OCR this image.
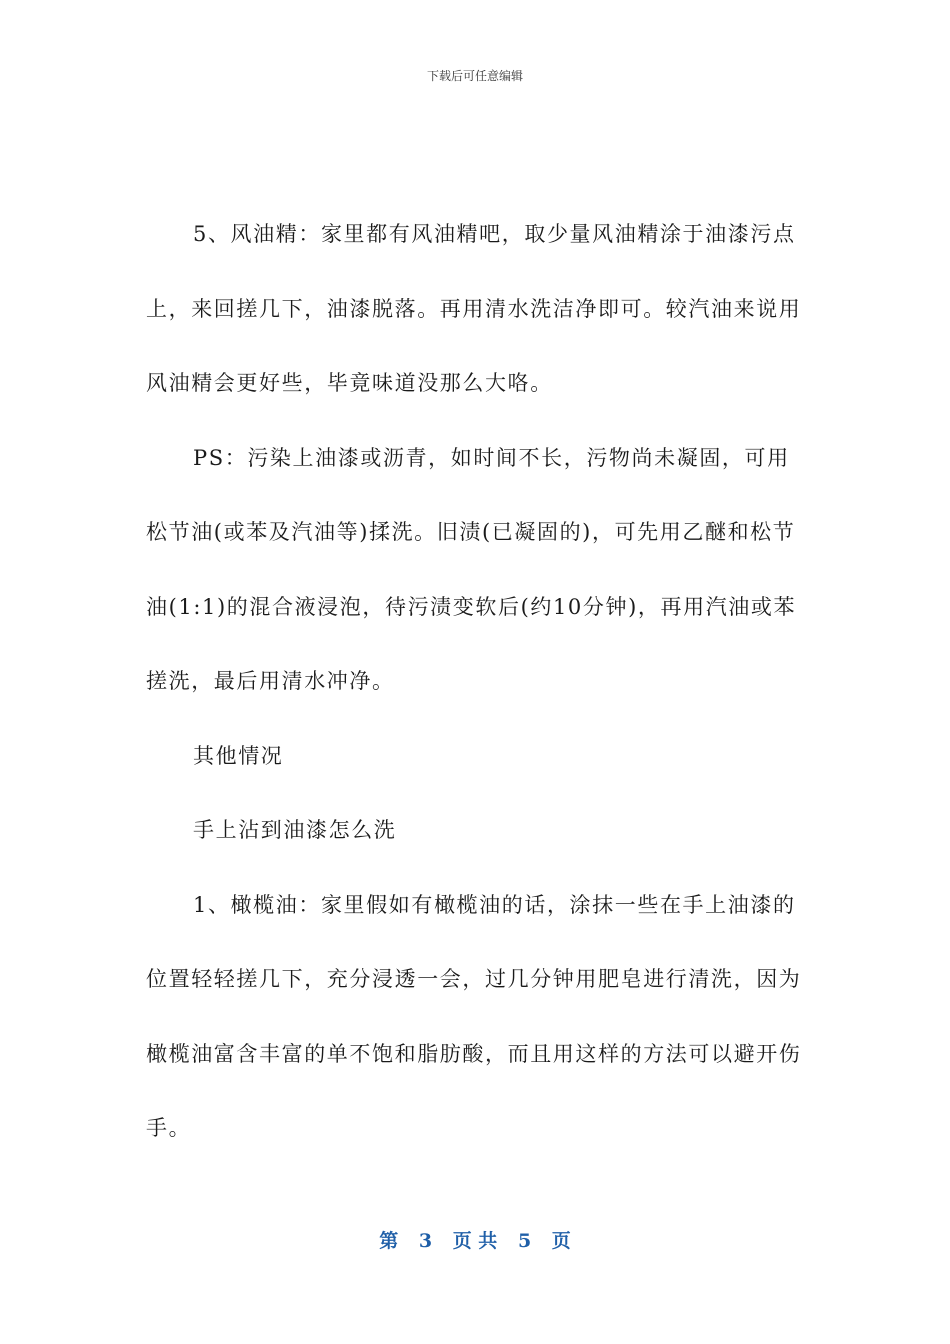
下载后可任意编辑

5、风油精：家里都有风油精吧，取少量风油精涂于油漆污点上，来回搓几下，油漆脱落。再用清水洗洁净即可。较汽油来说用风油精会更好些，毕竟味道没那么大咯。

PS：污染上油漆或沥青，如时间不长，污物尚未凝固，可用松节油(或苯及汽油等)揉洗。旧渍(已凝固的)，可先用乙醚和松节油(1:1)的混合液浸泡，待污渍变软后(约10分钟)，再用汽油或苯搓洗，最后用清水冲净。

其他情况

手上沾到油漆怎么洗

1、橄榄油：家里假如有橄榄油的话，涂抹一些在手上油漆的位置轻轻搓几下，充分浸透一会，过几分钟用肥皂进行清洗，因为橄榄油富含丰富的单不饱和脂肪酸，而且用这样的方法可以避开伤手。

第 3 页 共 5 页
